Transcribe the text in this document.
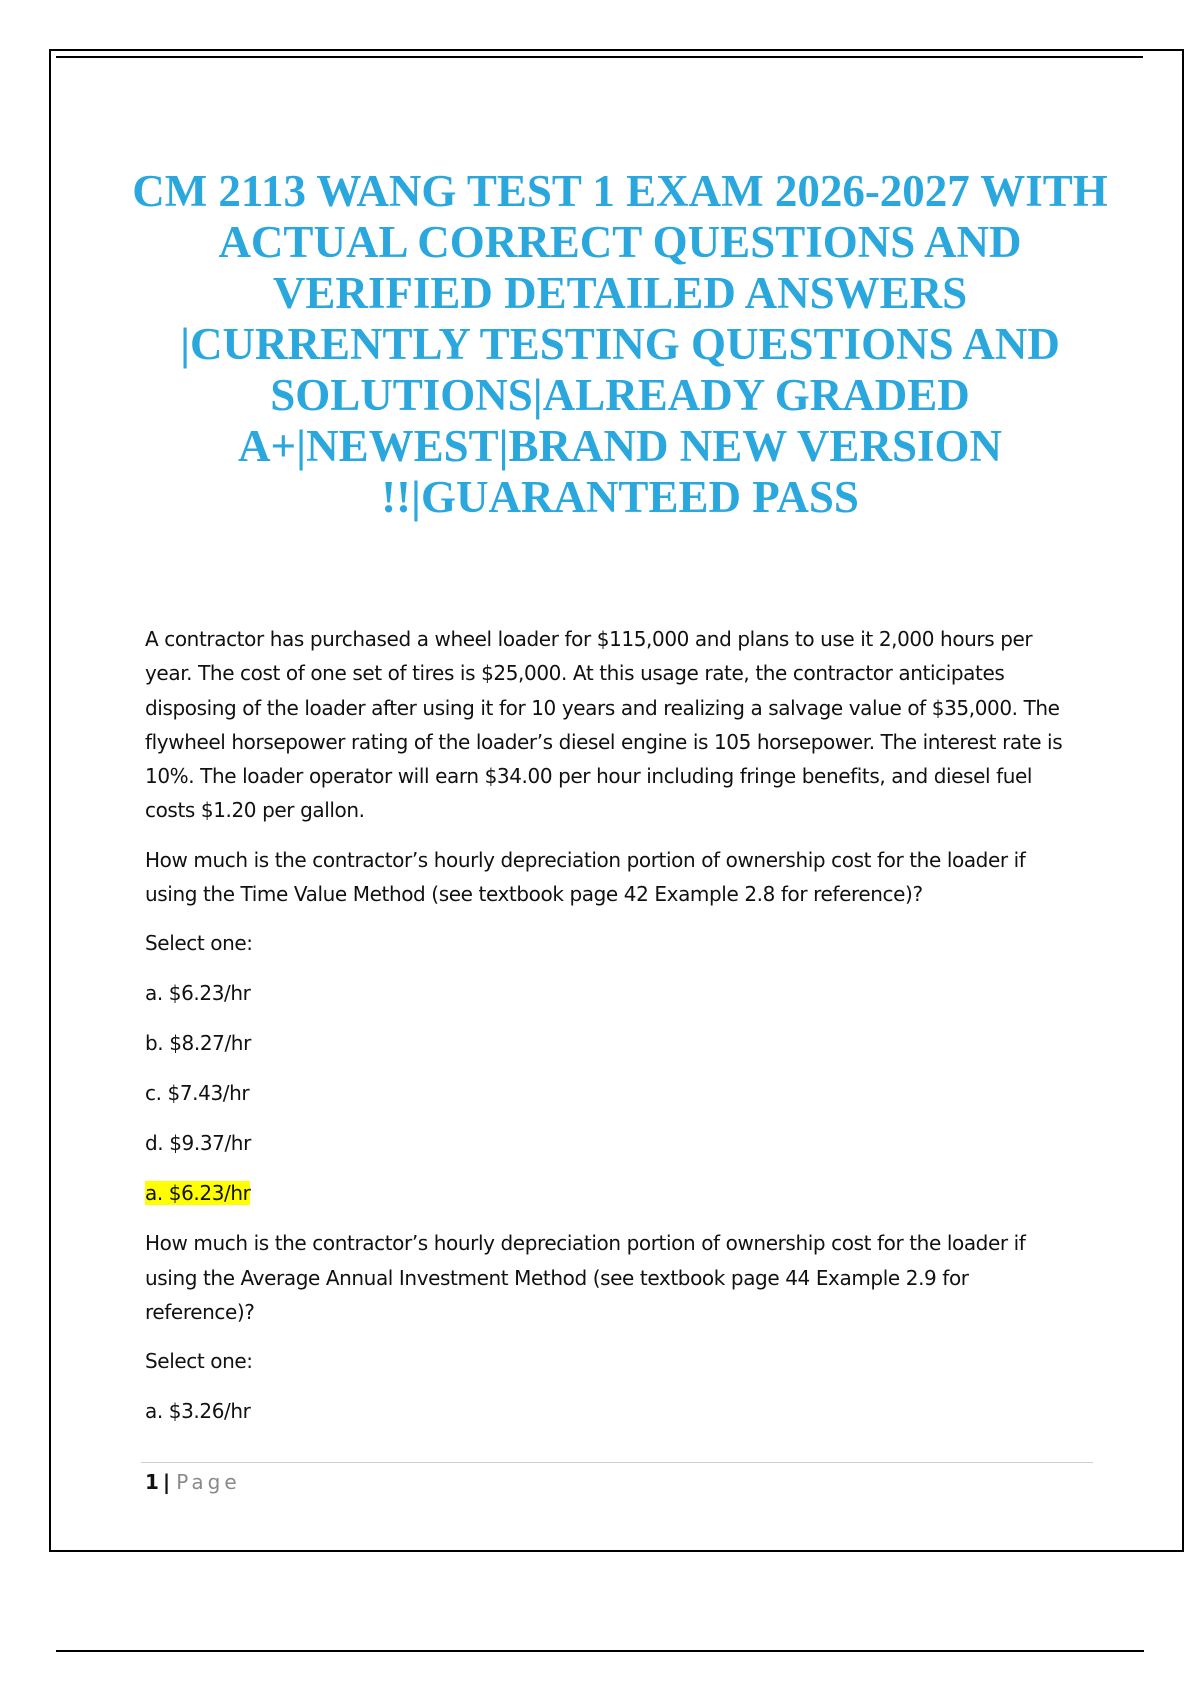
CM 2113 WANG TEST 1 EXAM 2026-2027 WITH
ACTUAL CORRECT QUESTIONS AND
VERIFIED DETAILED ANSWERS
|CURRENTLY TESTING QUESTIONS AND
SOLUTIONS|ALREADY GRADED
A+|NEWEST|BRAND NEW VERSION
!!|GUARANTEED PASS

A contractor has purchased a wheel loader for $115,000 and plans to use it 2,000 hours per
year. The cost of one set of tires is $25,000. At this usage rate, the contractor anticipates
disposing of the loader after using it for 10 years and realizing a salvage value of $35,000. The
flywheel horsepower rating of the loader’s diesel engine is 105 horsepower. The interest rate is
10%. The loader operator will earn $34.00 per hour including fringe benefits, and diesel fuel
costs $1.20 per gallon.

How much is the contractor’s hourly depreciation portion of ownership cost for the loader if
using the Time Value Method (see textbook page 42 Example 2.8 for reference)?

Select one:

a. $6.23/hr

b. $8.27/hr

c. $7.43/hr

d. $9.37/hr

a. $6.23/hr

How much is the contractor’s hourly depreciation portion of ownership cost for the loader if
using the Average Annual Investment Method (see textbook page 44 Example 2.9 for
reference)?

Select one:

a. $3.26/hr

1 | Page
